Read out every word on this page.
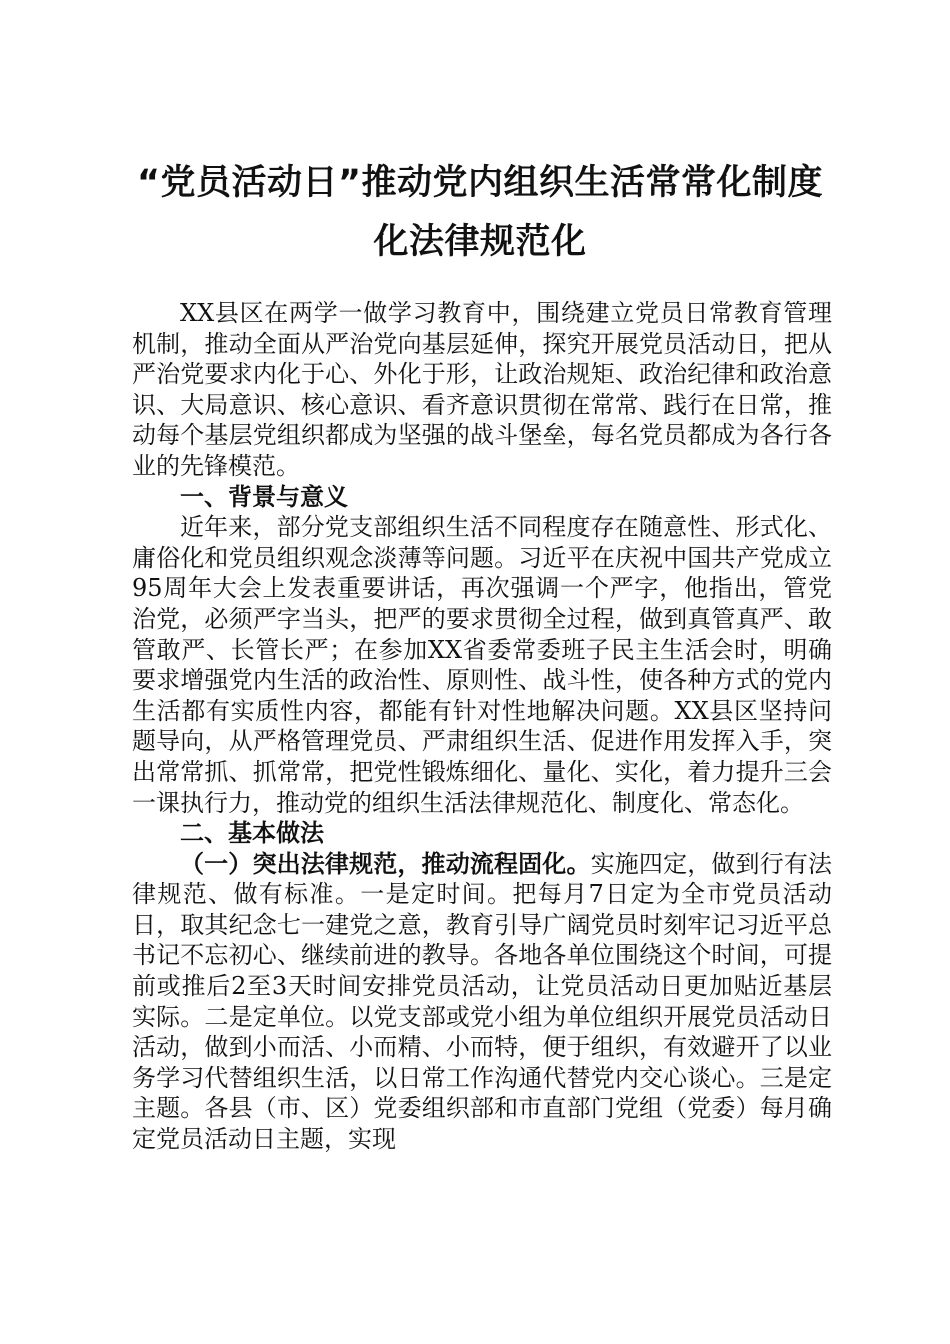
“党员活动日”推动党内组织生活常常化制度
化法律规范化

XX县区在两学一做学习教育中，围绕建立党员日常教育管理机制，推动全面从严治党向基层延伸，探究开展党员活动日，把从严治党要求内化于心、外化于形，让政治规矩、政治纪律和政治意识、大局意识、核心意识、看齐意识贯彻在常常、践行在日常，推动每个基层党组织都成为坚强的战斗堡垒，每名党员都成为各行各业的先锋模范。

一、背景与意义

近年来，部分党支部组织生活不同程度存在随意性、形式化、庸俗化和党员组织观念淡薄等问题。习近平在庆祝中国共产党成立95周年大会上发表重要讲话，再次强调一个严字，他指出，管党治党，必须严字当头，把严的要求贯彻全过程，做到真管真严、敢管敢严、长管长严；在参加XX省委常委班子民主生活会时，明确要求增强党内生活的政治性、原则性、战斗性，使各种方式的党内生活都有实质性内容，都能有针对性地解决问题。XX县区坚持问题导向，从严格管理党员、严肃组织生活、促进作用发挥入手，突出常常抓、抓常常，把党性锻炼细化、量化、实化，着力提升三会一课执行力，推动党的组织生活法律规范化、制度化、常态化。

二、基本做法

（一）突出法律规范，推动流程固化。实施四定，做到行有法律规范、做有标准。一是定时间。把每月7日定为全市党员活动日，取其纪念七一建党之意，教育引导广阔党员时刻牢记习近平总书记不忘初心、继续前进的教导。各地各单位围绕这个时间，可提前或推后2至3天时间安排党员活动，让党员活动日更加贴近基层实际。二是定单位。以党支部或党小组为单位组织开展党员活动日活动，做到小而活、小而精、小而特，便于组织，有效避开了以业务学习代替组织生活，以日常工作沟通代替党内交心谈心。三是定主题。各县（市、区）党委组织部和市直部门党组（党委）每月确定党员活动日主题，实现
